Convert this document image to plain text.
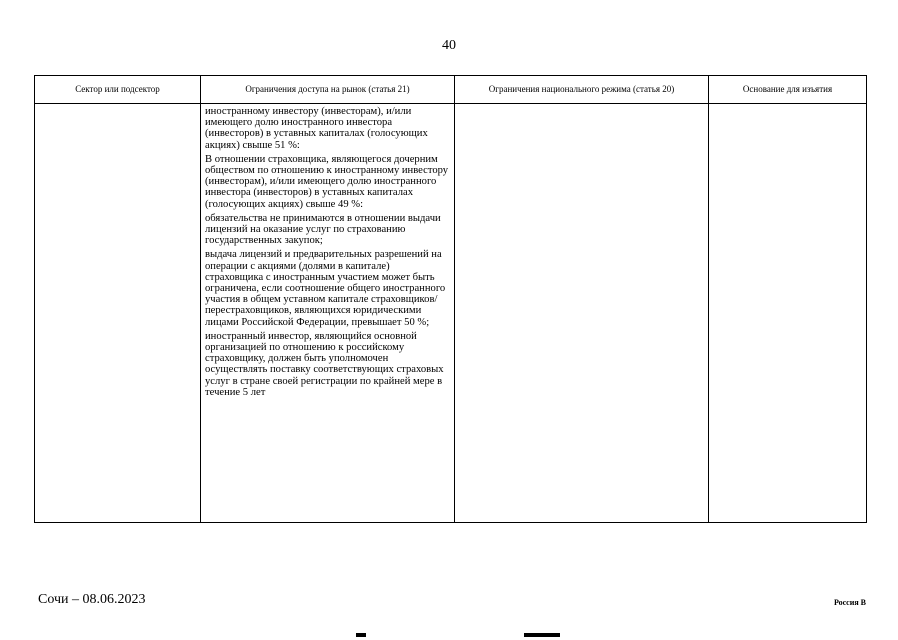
40
Сектор или подсектор	Ограничения доступа на рынок (статья 21)	Ограничения национального режима (статья 20)	Основание для изъятия

	иностранному инвестору (инвесторам), и/или имеющего долю иностранного инвестора (инвесторов) в уставных капиталах (голосующих акциях) свыше 51 %:

В отношении страховщика, являющегося дочерним обществом по отношению к иностранному инвестору (инвесторам), и/или имеющего долю иностранного инвестора (инвесторов) в уставных капиталах (голосующих акциях) свыше 49 %:

обязательства не принимаются в отношении выдачи лицензий на оказание услуг по страхованию государственных закупок;

выдача лицензий и предварительных разрешений на операции с акциями (долями в капитале) страховщика с иностранным участием может быть ограничена, если соотношение общего иностранного участия в общем уставном капитале страховщиков/перестраховщиков, являющихся юридическими лицами Российской Федерации, превышает 50 %;

иностранный инвестор, являющийся основной организацией по отношению к российскому страховщику, должен быть уполномочен осуществлять поставку соответствующих страховых услуг в стране своей регистрации по крайней мере в течение 5 лет		

Сочи – 08.06.2023	Россия В
